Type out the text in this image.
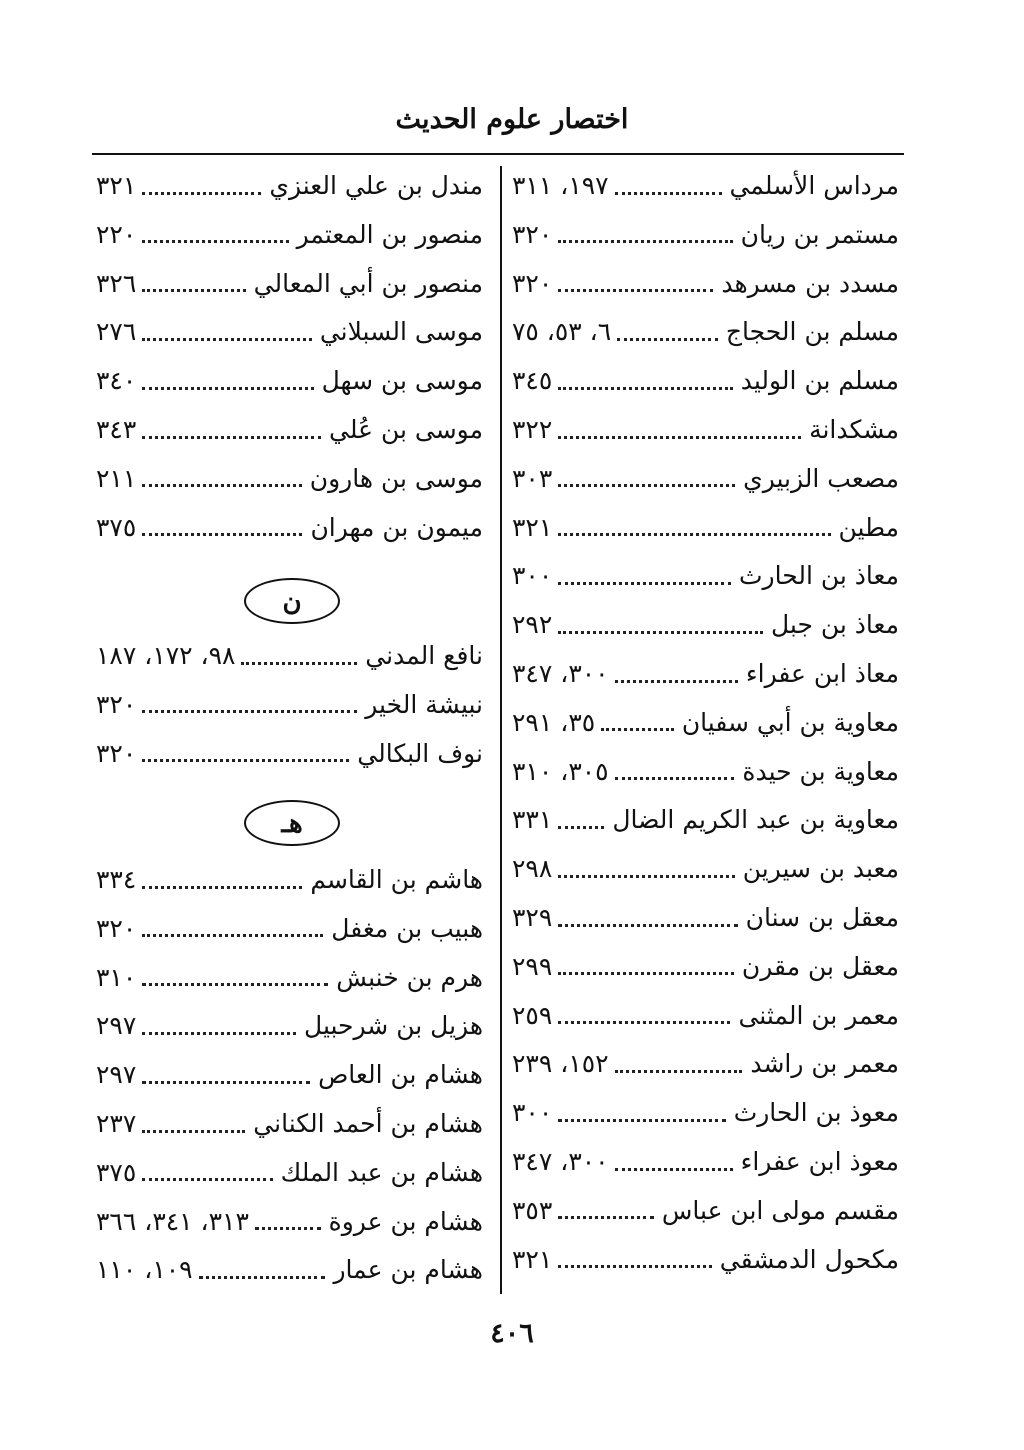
اختصار علوم الحديث
مرداس الأسلمي
١٩٧، ٣١١
مستمر بن ريان
٣٢٠
مسدد بن مسرهد
٣٢٠
مسلم بن الحجاج
٦، ٥٣، ٧٥
مسلم بن الوليد
٣٤٥
مشكدانة
٣٢٢
مصعب الزبيري
٣٠٣
مطين
٣٢١
معاذ بن الحارث
٣٠٠
معاذ بن جبل
٢٩٢
معاذ ابن عفراء
٣٠٠، ٣٤٧
معاوية بن أبي سفيان
٣٥، ٢٩١
معاوية بن حيدة
٣٠٥، ٣١٠
معاوية بن عبد الكريم الضال
٣٣١
معبد بن سيرين
٢٩٨
معقل بن سنان
٣٢٩
معقل بن مقرن
٢٩٩
معمر بن المثنى
٢٥٩
معمر بن راشد
١٥٢، ٢٣٩
معوذ بن الحارث
٣٠٠
معوذ ابن عفراء
٣٠٠، ٣٤٧
مقسم مولى ابن عباس
٣٥٣
مكحول الدمشقي
٣٢١
ن
هـ
مندل بن علي العنزي
٣٢١
منصور بن المعتمر
٢٢٠
منصور بن أبي المعالي
٣٢٦
موسى السبلاني
٢٧٦
موسى بن سهل
٣٤٠
موسى بن عُلي
٣٤٣
موسى بن هارون
٢١١
ميمون بن مهران
٣٧٥
نافع المدني
٩٨، ١٧٢، ١٨٧
نبيشة الخير
٣٢٠
نوف البكالي
٣٢٠
هاشم بن القاسم
٣٣٤
هبيب بن مغفل
٣٢٠
هرم بن خنبش
٣١٠
هزيل بن شرحبيل
٢٩٧
هشام بن العاص
٢٩٧
هشام بن أحمد الكناني
٢٣٧
هشام بن عبد الملك
٣٧٥
هشام بن عروة
٣١٣، ٣٤١، ٣٦٦
هشام بن عمار
١٠٩، ١١٠
٤٠٦
